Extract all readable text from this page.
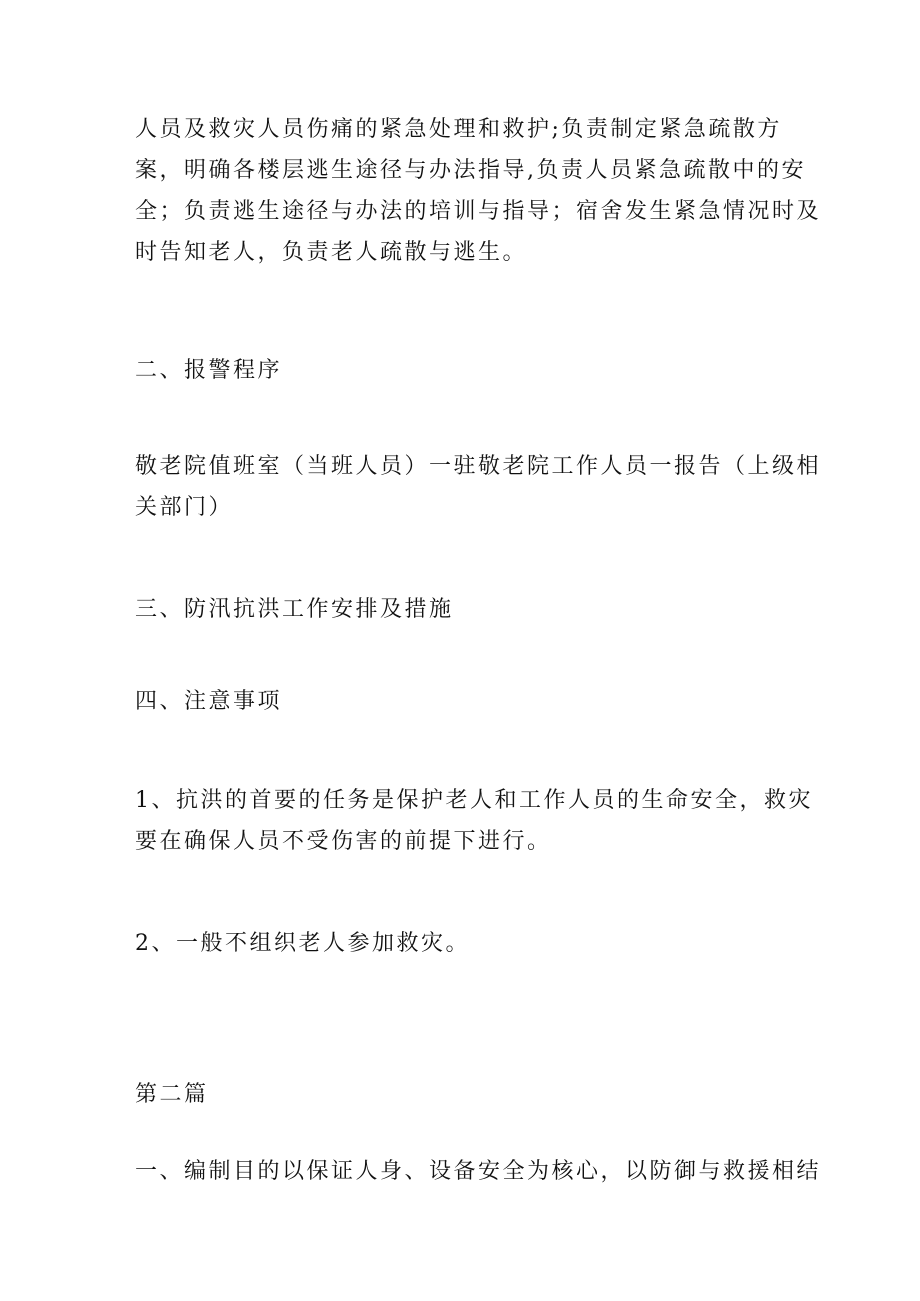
人员及救灾人员伤痛的紧急处理和救护;负责制定紧急疏散方
案，明确各楼层逃生途径与办法指导,负责人员紧急疏散中的安
全；负责逃生途径与办法的培训与指导；宿舍发生紧急情况时及
时告知老人，负责老人疏散与逃生。
二、报警程序
敬老院值班室（当班人员）一驻敬老院工作人员一报告（上级相
关部门）
三、防汛抗洪工作安排及措施
四、注意事项
1、抗洪的首要的任务是保护老人和工作人员的生命安全，救灾
要在确保人员不受伤害的前提下进行。
2、一般不组织老人参加救灾。
第二篇
一、编制目的以保证人身、设备安全为核心，以防御与救援相结
